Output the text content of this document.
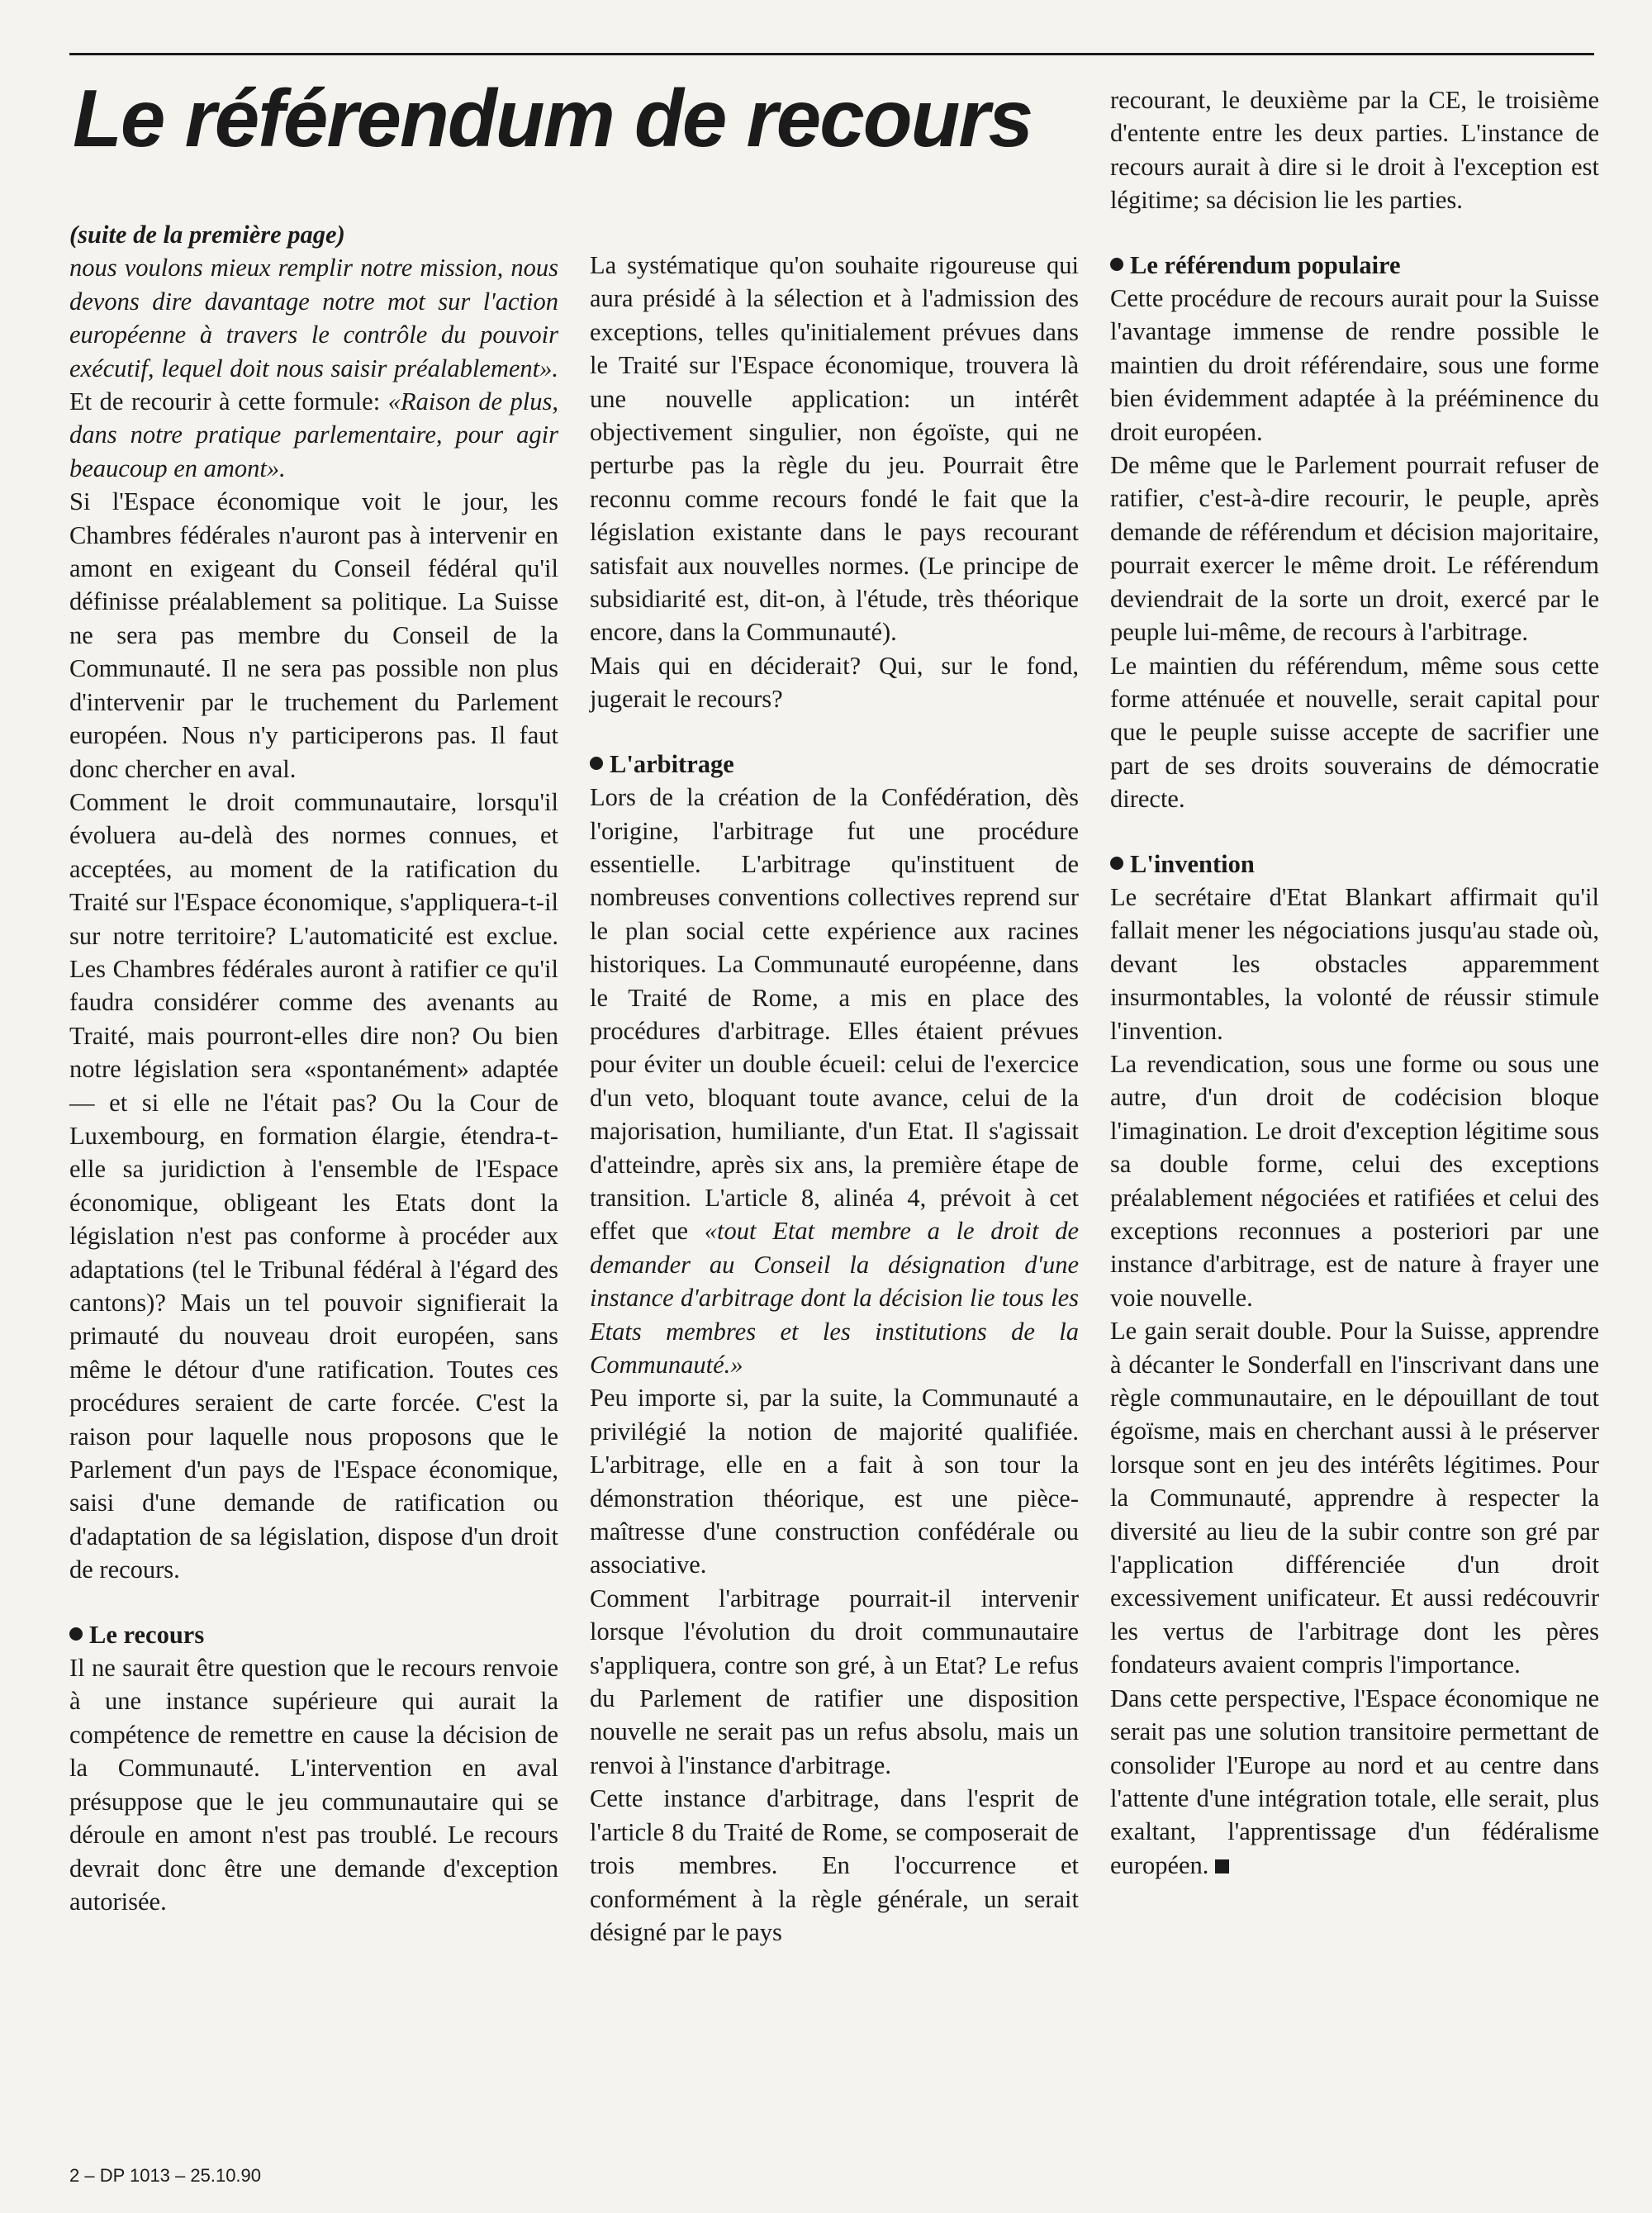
Le référendum de recours

(suite de la première page)

nous voulons mieux remplir notre mission, nous devons dire davantage notre mot sur l'action européenne à travers le contrôle du pouvoir exécutif, lequel doit nous saisir préalablement». Et de recourir à cette formule: «Raison de plus, dans notre pratique parlementaire, pour agir beaucoup en amont».

Si l'Espace économique voit le jour, les Chambres fédérales n'auront pas à intervenir en amont en exigeant du Conseil fédéral qu'il définisse préalablement sa politique. La Suisse ne sera pas membre du Conseil de la Communauté. Il ne sera pas possible non plus d'intervenir par le truchement du Parlement européen. Nous n'y participerons pas. Il faut donc chercher en aval.

Comment le droit communautaire, lorsqu'il évoluera au-delà des normes connues, et acceptées, au moment de la ratification du Traité sur l'Espace économique, s'appliquera-t-il sur notre territoire? L'automaticité est exclue. Les Chambres fédérales auront à ratifier ce qu'il faudra considérer comme des avenants au Traité, mais pourront-elles dire non? Ou bien notre législation sera «spontanément» adaptée — et si elle ne l'était pas? Ou la Cour de Luxembourg, en formation élargie, étendra-t-elle sa juridiction à l'ensemble de l'Espace économique, obligeant les Etats dont la législation n'est pas conforme à procéder aux adaptations (tel le Tribunal fédéral à l'égard des cantons)? Mais un tel pouvoir signifierait la primauté du nouveau droit européen, sans même le détour d'une ratification. Toutes ces procédures seraient de carte forcée. C'est la raison pour laquelle nous proposons que le Parlement d'un pays de l'Espace économique, saisi d'une demande de ratification ou d'adaptation de sa législation, dispose d'un droit de recours.

Le recours

Il ne saurait être question que le recours renvoie à une instance supérieure qui aurait la compétence de remettre en cause la décision de la Communauté. L'intervention en aval présuppose que le jeu communautaire qui se déroule en amont n'est pas troublé. Le recours devrait donc être une demande d'exception autorisée.

La systématique qu'on souhaite rigoureuse qui aura présidé à la sélection et à l'admission des exceptions, telles qu'initialement prévues dans le Traité sur l'Espace économique, trouvera là une nouvelle application: un intérêt objectivement singulier, non égoïste, qui ne perturbe pas la règle du jeu. Pourrait être reconnu comme recours fondé le fait que la législation existante dans le pays recourant satisfait aux nouvelles normes. (Le principe de subsidiarité est, dit-on, à l'étude, très théorique encore, dans la Communauté).

Mais qui en déciderait? Qui, sur le fond, jugerait le recours?

L'arbitrage

Lors de la création de la Confédération, dès l'origine, l'arbitrage fut une procédure essentielle. L'arbitrage qu'instituent de nombreuses conventions collectives reprend sur le plan social cette expérience aux racines historiques. La Communauté européenne, dans le Traité de Rome, a mis en place des procédures d'arbitrage. Elles étaient prévues pour éviter un double écueil: celui de l'exercice d'un veto, bloquant toute avance, celui de la majorisation, humiliante, d'un Etat. Il s'agissait d'atteindre, après six ans, la première étape de transition. L'article 8, alinéa 4, prévoit à cet effet que «tout Etat membre a le droit de demander au Conseil la désignation d'une instance d'arbitrage dont la décision lie tous les Etats membres et les institutions de la Communauté.»

Peu importe si, par la suite, la Communauté a privilégié la notion de majorité qualifiée. L'arbitrage, elle en a fait à son tour la démonstration théorique, est une pièce-maîtresse d'une construction confédérale ou associative.

Comment l'arbitrage pourrait-il intervenir lorsque l'évolution du droit communautaire s'appliquera, contre son gré, à un Etat? Le refus du Parlement de ratifier une disposition nouvelle ne serait pas un refus absolu, mais un renvoi à l'instance d'arbitrage.

Cette instance d'arbitrage, dans l'esprit de l'article 8 du Traité de Rome, se composerait de trois membres. En l'occurrence et conformément à la règle générale, un serait désigné par le pays

recourant, le deuxième par la CE, le troisième d'entente entre les deux parties. L'instance de recours aurait à dire si le droit à l'exception est légitime; sa décision lie les parties.

Le référendum populaire

Cette procédure de recours aurait pour la Suisse l'avantage immense de rendre possible le maintien du droit référendaire, sous une forme bien évidemment adaptée à la prééminence du droit européen.

De même que le Parlement pourrait refuser de ratifier, c'est-à-dire recourir, le peuple, après demande de référendum et décision majoritaire, pourrait exercer le même droit. Le référendum deviendrait de la sorte un droit, exercé par le peuple lui-même, de recours à l'arbitrage.

Le maintien du référendum, même sous cette forme atténuée et nouvelle, serait capital pour que le peuple suisse accepte de sacrifier une part de ses droits souverains de démocratie directe.

L'invention

Le secrétaire d'Etat Blankart affirmait qu'il fallait mener les négociations jusqu'au stade où, devant les obstacles apparemment insurmontables, la volonté de réussir stimule l'invention.

La revendication, sous une forme ou sous une autre, d'un droit de codécision bloque l'imagination. Le droit d'exception légitime sous sa double forme, celui des exceptions préalablement négociées et ratifiées et celui des exceptions reconnues a posteriori par une instance d'arbitrage, est de nature à frayer une voie nouvelle.

Le gain serait double. Pour la Suisse, apprendre à décanter le Sonderfall en l'inscrivant dans une règle communautaire, en le dépouillant de tout égoïsme, mais en cherchant aussi à le préserver lorsque sont en jeu des intérêts légitimes. Pour la Communauté, apprendre à respecter la diversité au lieu de la subir contre son gré par l'application différenciée d'un droit excessivement unificateur. Et aussi redécouvrir les vertus de l'arbitrage dont les pères fondateurs avaient compris l'importance.

Dans cette perspective, l'Espace économique ne serait pas une solution transitoire permettant de consolider l'Europe au nord et au centre dans l'attente d'une intégration totale, elle serait, plus exaltant, l'apprentissage d'un fédéralisme européen.

2 – DP 1013 – 25.10.90
